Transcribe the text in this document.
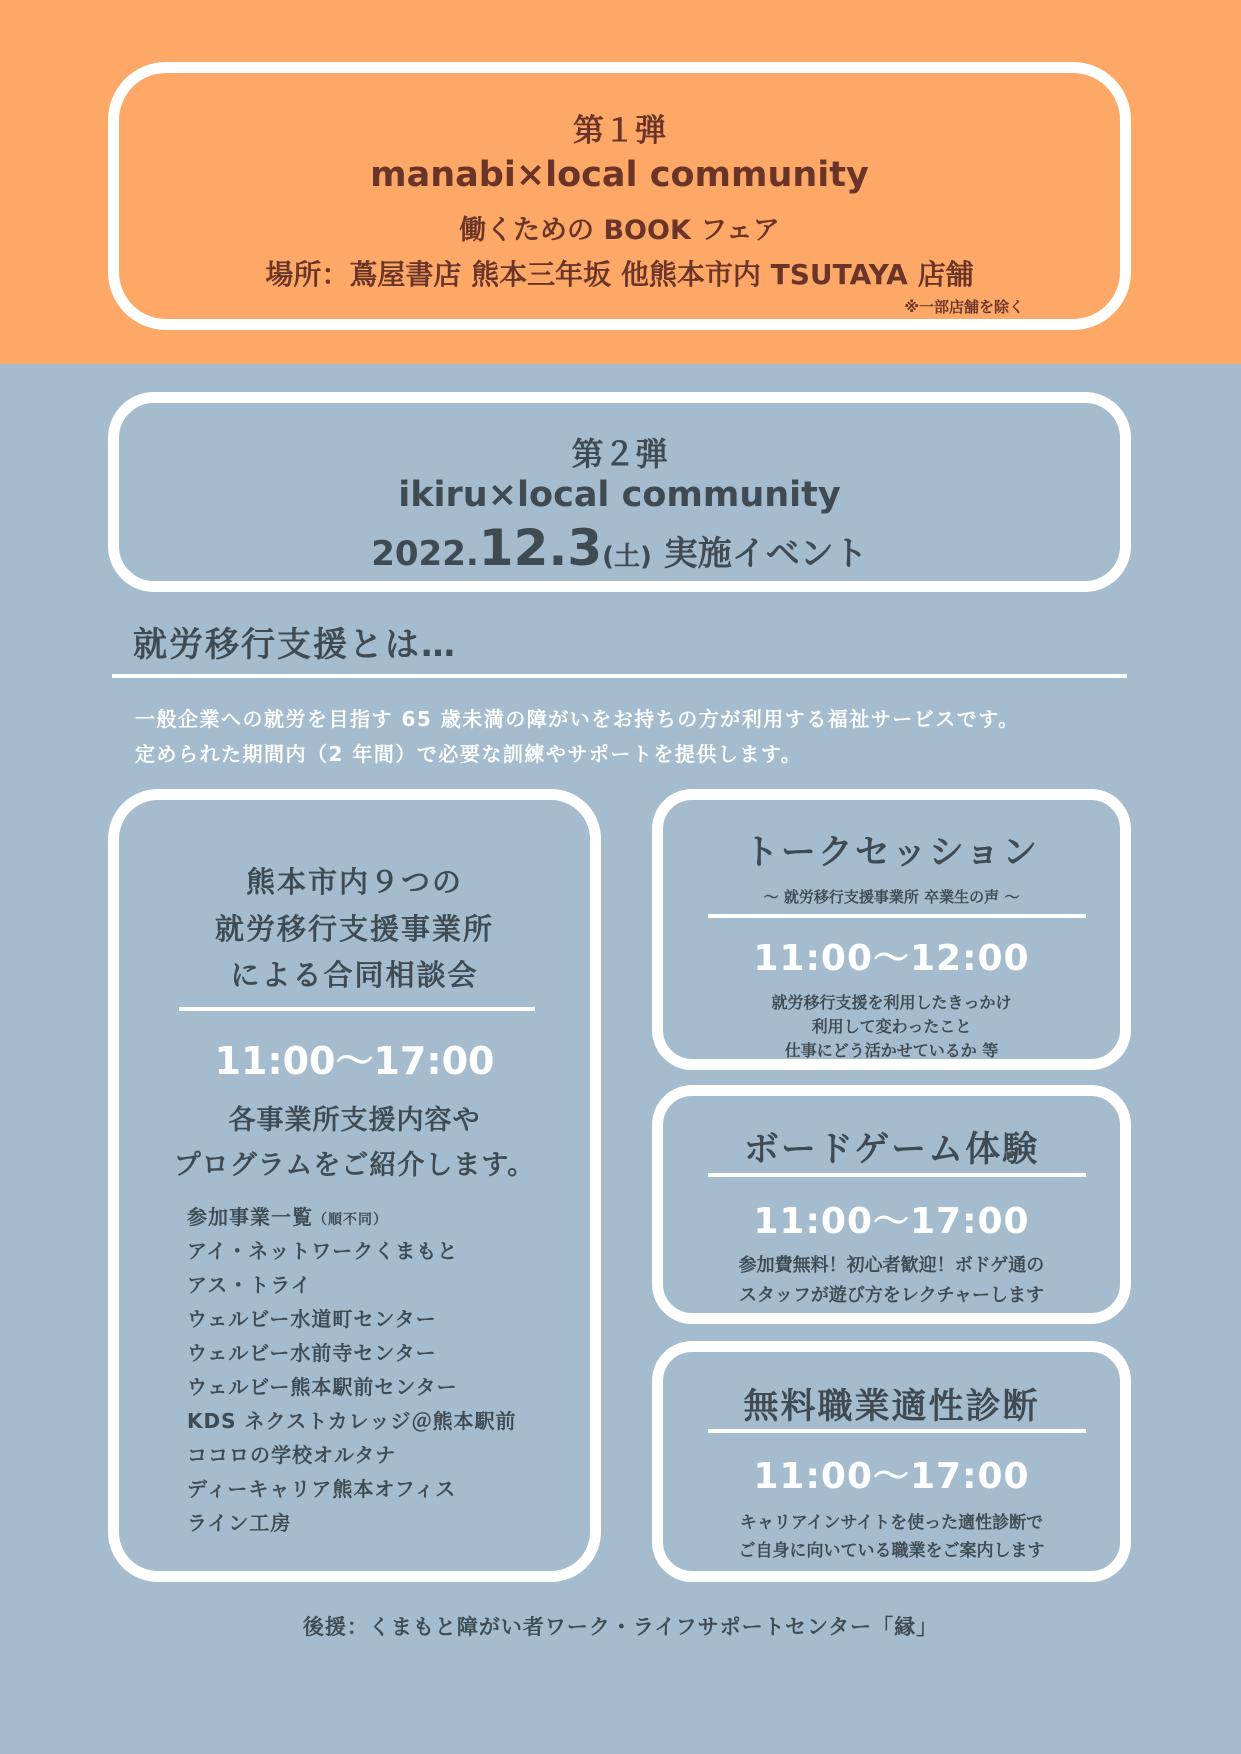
第１弾
manabi×local community
働くための BOOK フェア
場所：蔦屋書店 熊本三年坂 他熊本市内 TSUTAYA 店舗
※一部店舗を除く
第２弾
ikiru×local community
2022.12.3(土) 実施イベント
就労移行支援とは…
一般企業への就労を目指す 65 歳未満の障がいをお持ちの方が利用する福祉サービスです。
定められた期間内（2 年間）で必要な訓練やサポートを提供します。
熊本市内９つの
就労移行支援事業所
による合同相談会
11:00～17:00
各事業所支援内容や
プログラムをご紹介します。
参加事業一覧（順不同）
アイ・ネットワークくまもと
アス・トライ
ウェルビー水道町センター
ウェルビー水前寺センター
ウェルビー熊本駅前センター
KDS ネクストカレッジ＠熊本駅前
ココロの学校オルタナ
ディーキャリア熊本オフィス
ライン工房
トークセッション
～ 就労移行支援事業所 卒業生の声 ～
11:00～12:00
就労移行支援を利用したきっかけ
利用して変わったこと
仕事にどう活かせているか 等
ボードゲーム体験
11:00～17:00
参加費無料！初心者歓迎！ボドゲ通の
スタッフが遊び方をレクチャーします
無料職業適性診断
11:00～17:00
キャリアインサイトを使った適性診断で
ご自身に向いている職業をご案内します
後援：くまもと障がい者ワーク・ライフサポートセンター「縁」
